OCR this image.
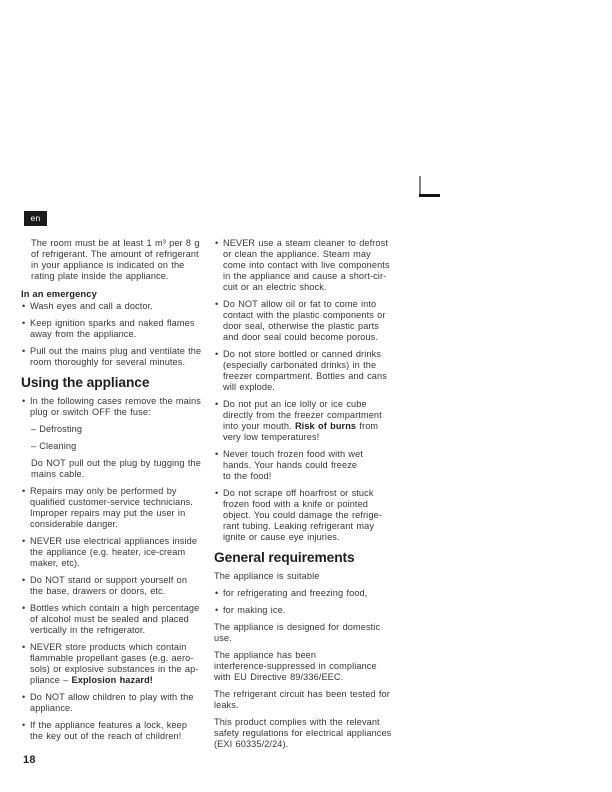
en
The room must be at least 1 m³ per 8 g
of refrigerant. The amount of refrigerant
in your appliance is indicated on the
rating plate inside the appliance.
In an emergency
• Wash eyes and call a doctor.
• Keep ignition sparks and naked flames
away from the appliance.
• Pull out the mains plug and ventilate the
room thoroughly for several minutes.
Using the appliance
• In the following cases remove the mains
plug or switch OFF the fuse:
– Defrosting
– Cleaning
Do NOT pull out the plug by tugging the
mains cable.
• Repairs may only be performed by
qualified customer-service technicians.
Improper repairs may put the user in
considerable danger.
• NEVER use electrical appliances inside
the appliance (e.g. heater, ice-cream
maker, etc).
• Do NOT stand or support yourself on
the base, drawers or doors, etc.
• Bottles which contain a high percentage
of alcohol must be sealed and placed
vertically in the refrigerator.
• NEVER store products which contain
flammable propellant gases (e.g. aero-
sols) or explosive substances in the ap-
pliance – Explosion hazard!
• Do NOT allow children to play with the
appliance.
• If the appliance features a lock, keep
the key out of the reach of children!
• NEVER use a steam cleaner to defrost
or clean the appliance. Steam may
come into contact with live components
in the appliance and cause a short-cir-
cuit or an electric shock.
• Do NOT allow oil or fat to come into
contact with the plastic components or
door seal, otherwise the plastic parts
and door seal could become porous.
• Do not store bottled or canned drinks
(especially carbonated drinks) in the
freezer compartment. Bottles and cans
will explode.
• Do not put an ice lolly or ice cube
directly from the freezer compartment
into your mouth. Risk of burns from
very low temperatures!
• Never touch frozen food with wet
hands. Your hands could freeze
to the food!
• Do not scrape off hoarfrost or stuck
frozen food with a knife or pointed
object. You could damage the refrige-
rant tubing. Leaking refrigerant may
ignite or cause eye injuries.
General requirements
The appliance is suitable
• for refrigerating and freezing food,
• for making ice.
The appliance is designed for domestic
use.
The appliance has been
interference-suppressed in compliance
with EU Directive 89/336/EEC.
The refrigerant circuit has been tested for
leaks.
This product complies with the relevant
safety regulations for electrical appliances
(EXI 60335/2/24).
18
